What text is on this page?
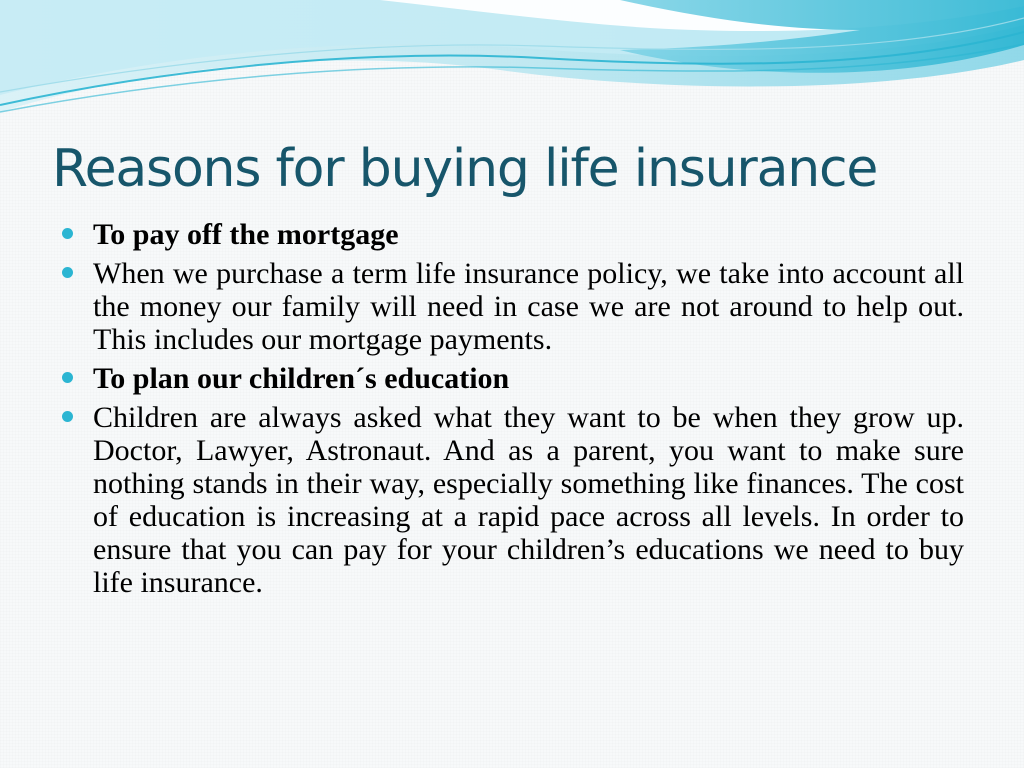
Reasons for buying life insurance
To pay off the mortgage
When we purchase a term life insurance policy, we take into account all the money our family will need in case we are not around to help out. This includes our mortgage payments.
To plan our children´s education
Children are always asked what they want to be when they grow up. Doctor, Lawyer, Astronaut. And as a parent, you want to make sure nothing stands in their way, especially something like finances. The cost of education is increasing at a rapid pace across all levels. In order to ensure that you can pay for your children’s educations we need to buy life insurance.
